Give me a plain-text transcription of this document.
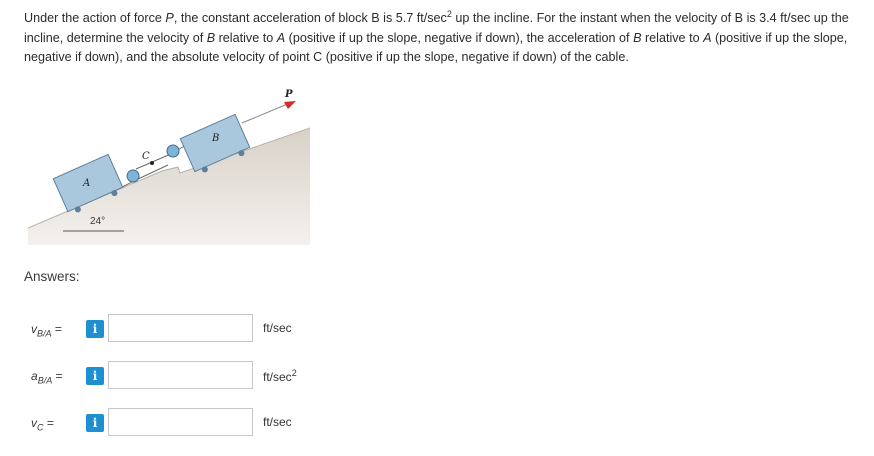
Under the action of force P, the constant acceleration of block B is 5.7 $ft/\sec^2$ up the incline. For the instant when the velocity of B is 3.4 ft/sec up the incline, determine the velocity of B relative to A (positive if up the slope, negative if down), the acceleration of B relative to A (positive if up the slope, negative if down), and the absolute velocity of point C (positive if up the slope, negative if down) of the cable.

24°
A
C
B
P
Answers:
$v_{B/A}$ =	i	ft/sec
$a_{B/A}$ =	i	$ft/\sec^2$
$v_C$ =	i	ft/sec
